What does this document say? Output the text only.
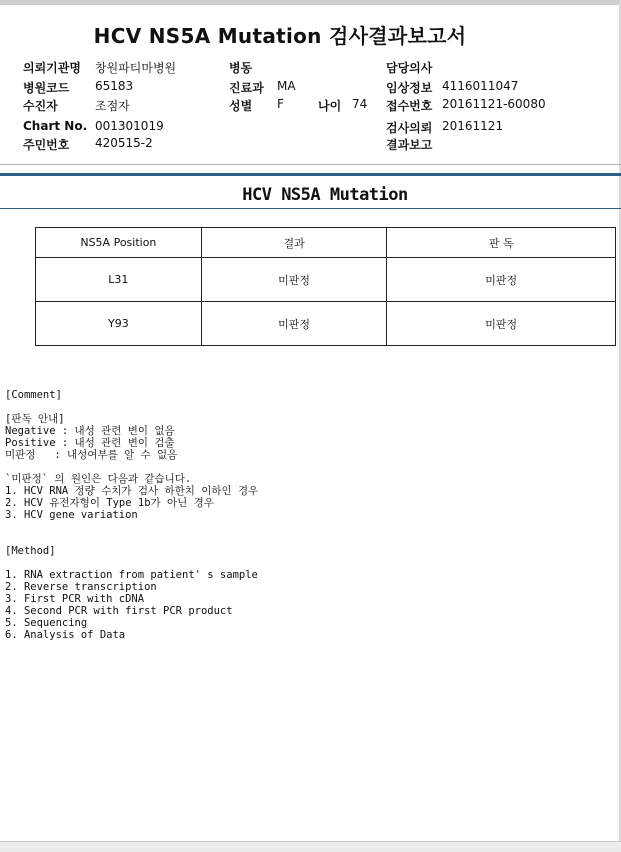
HCV NS5A Mutation 검사결과보고서
의뢰기관명 창원파티마병원
병원코드 65183
수진자	조점자
Chart No. 001301019
주민번호 420515-2
병동
진료과 MA
성별 F	나이 74
담당의사
임상정보 4116011047
접수번호 20161121-60080
검사의뢰 20161121
결과보고
HCV NS5A Mutation
NS5A Position	결과	판 독
L31	미판정	미판정
Y93	미판정	미판정
[Comment]
[판독 안내]
Negative : 내성 관련 변이 없음
Positive : 내성 관련 변이 검출
미판정   : 내성여부를 알 수 없음
`미판정` 의 원인은 다음과 같습니다.
1. HCV RNA 정량 수치가 검사 하한치 이하인 경우
2. HCV 유전자형이 Type 1b가 아닌 경우
3. HCV gene variation
[Method]
1. RNA extraction from patient' s sample
2. Reverse transcription
3. First PCR with cDNA
4. Second PCR with first PCR product
5. Sequencing
6. Analysis of Data
